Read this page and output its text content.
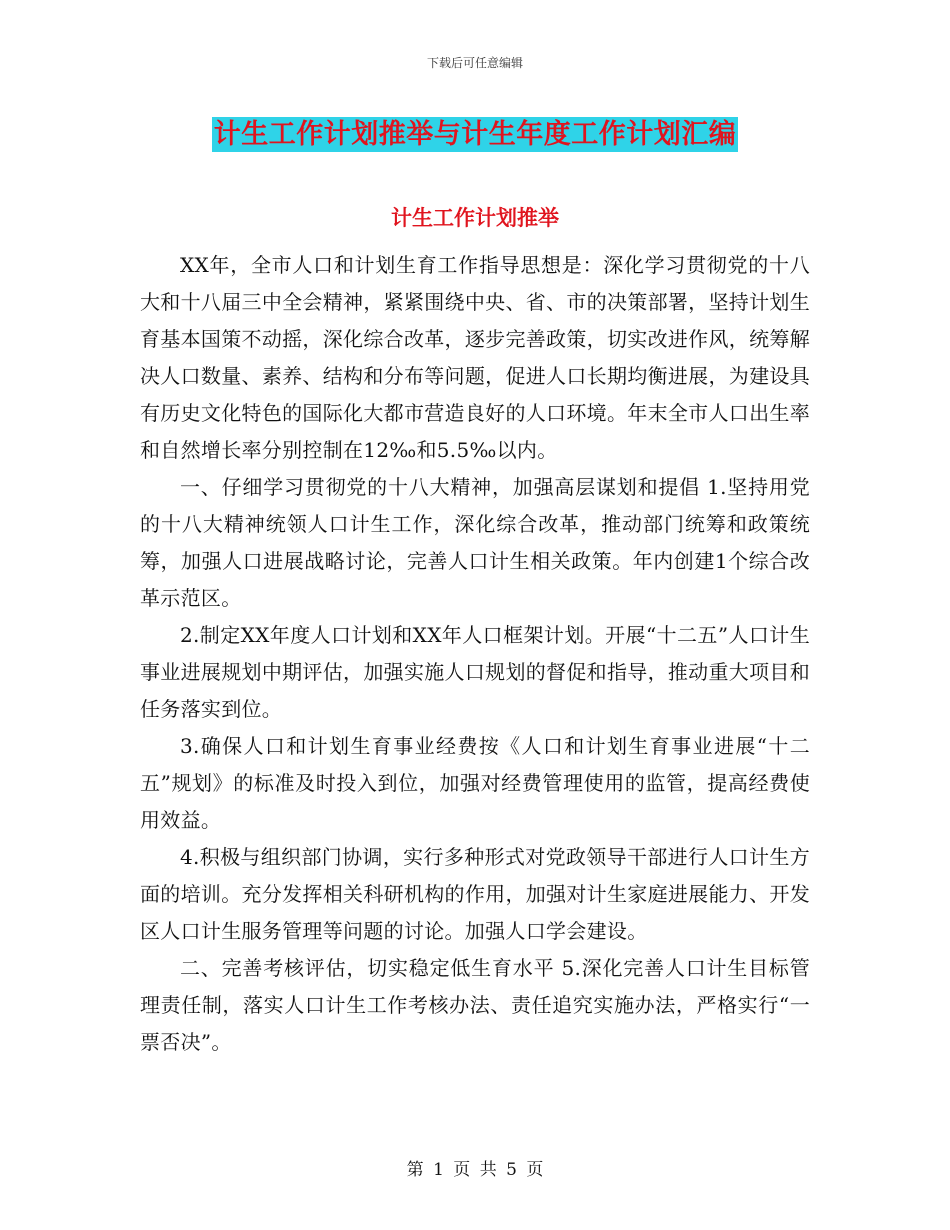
下载后可任意编辑
计生工作计划推举与计生年度工作计划汇编
计生工作计划推举

XX年，全市人口和计划生育工作指导思想是：深化学习贯彻党的十八大和十八届三中全会精神，紧紧围绕中央、省、市的决策部署，坚持计划生育基本国策不动摇，深化综合改革，逐步完善政策，切实改进作风，统筹解决人口数量、素养、结构和分布等问题，促进人口长期均衡进展，为建设具有历史文化特色的国际化大都市营造良好的人口环境。年末全市人口出生率和自然增长率分别控制在12‰和5.5‰以内。

一、仔细学习贯彻党的十八大精神，加强高层谋划和提倡 1.坚持用党的十八大精神统领人口计生工作，深化综合改革，推动部门统筹和政策统筹，加强人口进展战略讨论，完善人口计生相关政策。年内创建1个综合改革示范区。

2.制定XX年度人口计划和XX年人口框架计划。开展“十二五”人口计生事业进展规划中期评估，加强实施人口规划的督促和指导，推动重大项目和任务落实到位。

3.确保人口和计划生育事业经费按《人口和计划生育事业进展“十二五”规划》的标准及时投入到位，加强对经费管理使用的监管，提高经费使用效益。

4.积极与组织部门协调，实行多种形式对党政领导干部进行人口计生方面的培训。充分发挥相关科研机构的作用，加强对计生家庭进展能力、开发区人口计生服务管理等问题的讨论。加强人口学会建设。

二、完善考核评估，切实稳定低生育水平 5.深化完善人口计生目标管理责任制，落实人口计生工作考核办法、责任追究实施办法，严格实行“一票否决”。

第 1 页 共 5 页
